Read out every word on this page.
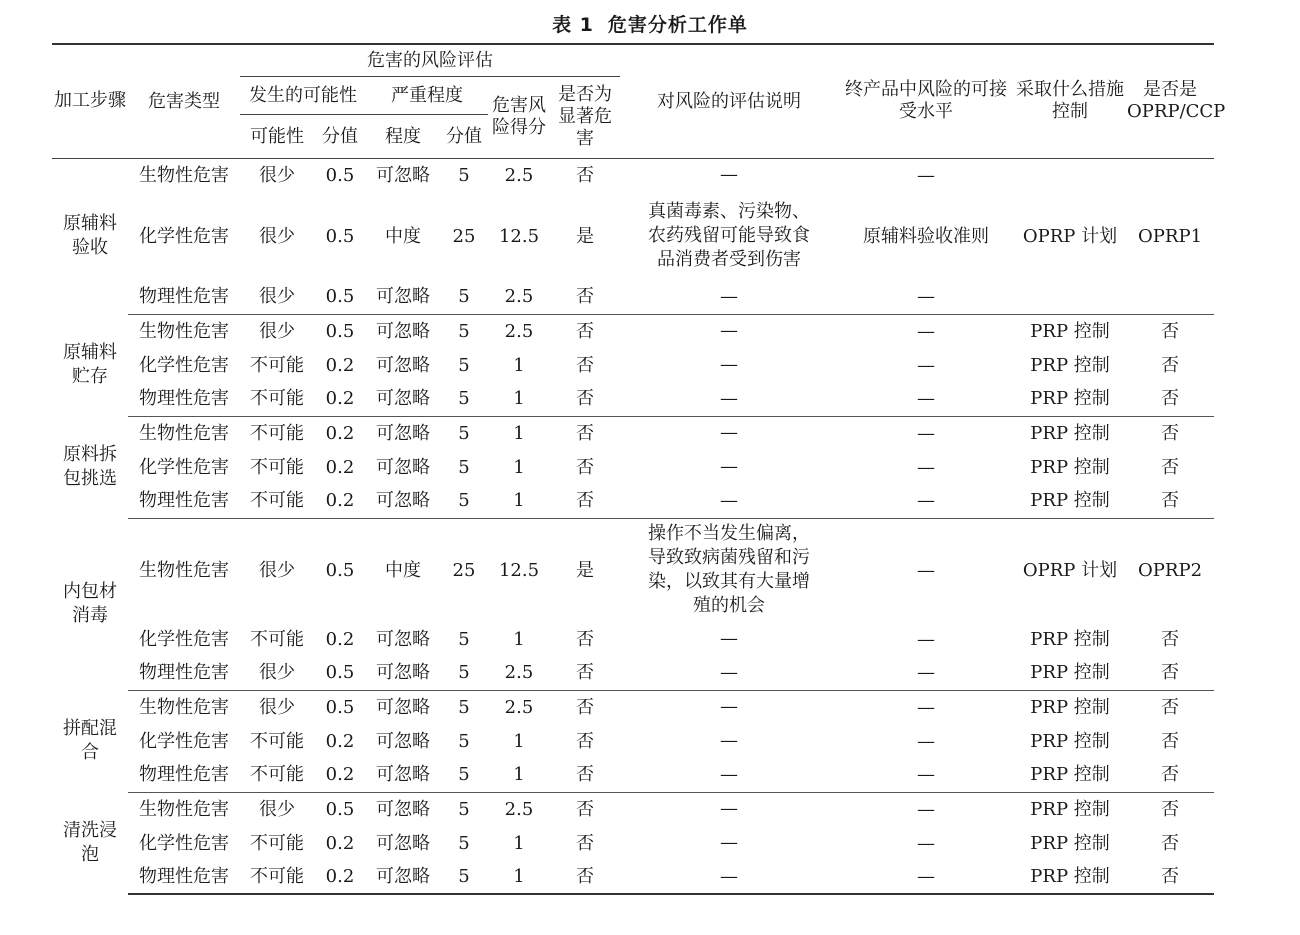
表 1 危害分析工作单
加工步骤	危害类型	危害的风险评估						对风险的评估说明	终产品中风险的可接受水平	采取什么措施控制	是否是OPRP/CCP
		发生的可能性		严重程度		危害风险得分	是否为显著危害				
		可能性	分值	程度	分值						
原辅料验收	生物性危害	很少	0.5	可忽略	5	2.5	否	—	—		
	化学性危害	很少	0.5	中度	25	12.5	是	真菌毒素、污染物、农药残留可能导致食品消费者受到伤害	原辅料验收准则	OPRP 计划	OPRP1
	物理性危害	很少	0.5	可忽略	5	2.5	否	—	—		
原辅料贮存	生物性危害	很少	0.5	可忽略	5	2.5	否	—	—	PRP 控制	否
	化学性危害	不可能	0.2	可忽略	5	1	否	—	—	PRP 控制	否
	物理性危害	不可能	0.2	可忽略	5	1	否	—	—	PRP 控制	否
原料拆包挑选	生物性危害	不可能	0.2	可忽略	5	1	否	—	—	PRP 控制	否
	化学性危害	不可能	0.2	可忽略	5	1	否	—	—	PRP 控制	否
	物理性危害	不可能	0.2	可忽略	5	1	否	—	—	PRP 控制	否
内包材消毒	生物性危害	很少	0.5	中度	25	12.5	是	操作不当发生偏离，导致致病菌残留和污染，以致其有大量增殖的机会	—	OPRP 计划	OPRP2
	化学性危害	不可能	0.2	可忽略	5	1	否	—	—	PRP 控制	否
	物理性危害	很少	0.5	可忽略	5	2.5	否	—	—	PRP 控制	否
拼配混合	生物性危害	很少	0.5	可忽略	5	2.5	否	—	—	PRP 控制	否
	化学性危害	不可能	0.2	可忽略	5	1	否	—	—	PRP 控制	否
	物理性危害	不可能	0.2	可忽略	5	1	否	—	—	PRP 控制	否
清洗浸泡	生物性危害	很少	0.5	可忽略	5	2.5	否	—	—	PRP 控制	否
	化学性危害	不可能	0.2	可忽略	5	1	否	—	—	PRP 控制	否
	物理性危害	不可能	0.2	可忽略	5	1	否	—	—	PRP 控制	否
